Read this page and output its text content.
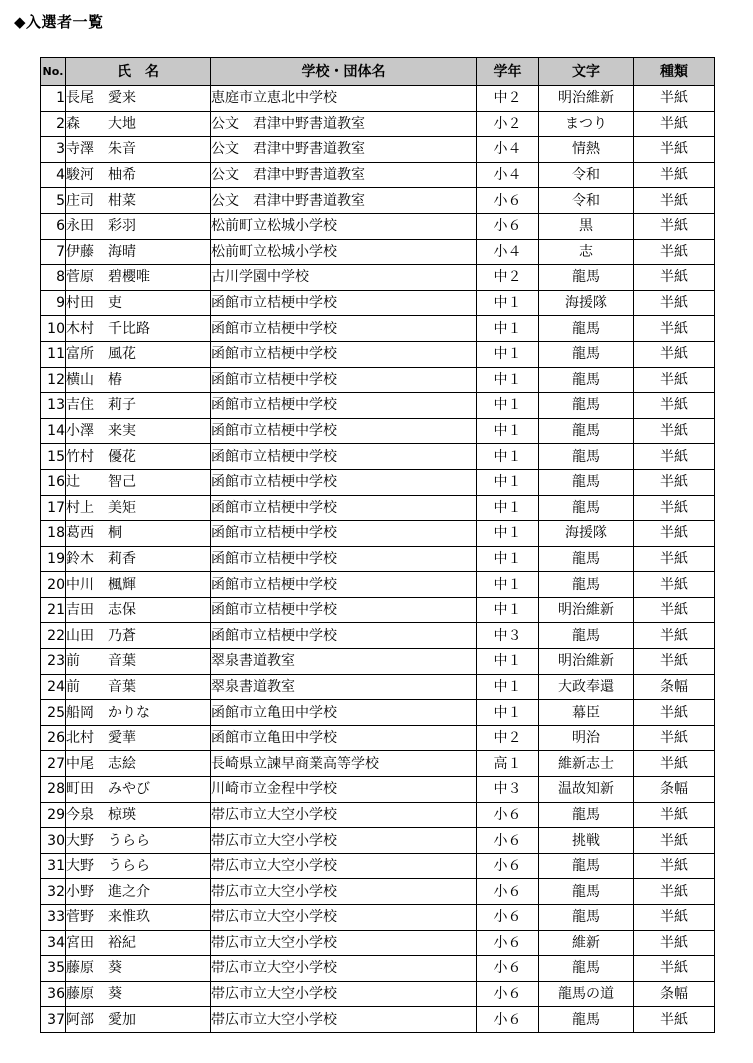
◆入選者一覧
No.	氏　名	学校・団体名	学年	文字	種類
1	長尾 愛来	恵庭市立恵北中学校	中２	明治維新	半紙
2	森 大地	公文　君津中野書道教室	小２	まつり	半紙
3	寺澤 朱音	公文　君津中野書道教室	小４	情熱	半紙
4	駿河 柚希	公文　君津中野書道教室	小４	令和	半紙
5	庄司 柑菜	公文　君津中野書道教室	小６	令和	半紙
6	永田 彩羽	松前町立松城小学校	小６	黒	半紙
7	伊藤 海晴	松前町立松城小学校	小４	志	半紙
8	菅原 碧櫻唯	古川学園中学校	中２	龍馬	半紙
9	村田 吏	函館市立桔梗中学校	中１	海援隊	半紙
10	木村 千比路	函館市立桔梗中学校	中１	龍馬	半紙
11	富所 風花	函館市立桔梗中学校	中１	龍馬	半紙
12	横山 椿	函館市立桔梗中学校	中１	龍馬	半紙
13	吉住 莉子	函館市立桔梗中学校	中１	龍馬	半紙
14	小澤 来実	函館市立桔梗中学校	中１	龍馬	半紙
15	竹村 優花	函館市立桔梗中学校	中１	龍馬	半紙
16	辻 智己	函館市立桔梗中学校	中１	龍馬	半紙
17	村上 美矩	函館市立桔梗中学校	中１	龍馬	半紙
18	葛西 桐	函館市立桔梗中学校	中１	海援隊	半紙
19	鈴木 莉香	函館市立桔梗中学校	中１	龍馬	半紙
20	中川 楓輝	函館市立桔梗中学校	中１	龍馬	半紙
21	吉田 志保	函館市立桔梗中学校	中１	明治維新	半紙
22	山田 乃蒼	函館市立桔梗中学校	中３	龍馬	半紙
23	前 音葉	翠泉書道教室	中１	明治維新	半紙
24	前 音葉	翠泉書道教室	中１	大政奉還	条幅
25	船岡 かりな	函館市立亀田中学校	中１	幕臣	半紙
26	北村 愛華	函館市立亀田中学校	中２	明治	半紙
27	中尾 志絵	長崎県立諫早商業高等学校	高１	維新志士	半紙
28	町田 みやび	川崎市立金程中学校	中３	温故知新	条幅
29	今泉 椋瑛	帯広市立大空小学校	小６	龍馬	半紙
30	大野 うらら	帯広市立大空小学校	小６	挑戦	半紙
31	大野 うらら	帯広市立大空小学校	小６	龍馬	半紙
32	小野 進之介	帯広市立大空小学校	小６	龍馬	半紙
33	菅野 来惟玖	帯広市立大空小学校	小６	龍馬	半紙
34	宮田 裕紀	帯広市立大空小学校	小６	維新	半紙
35	藤原 葵	帯広市立大空小学校	小６	龍馬	半紙
36	藤原 葵	帯広市立大空小学校	小６	龍馬の道	条幅
37	阿部 愛加	帯広市立大空小学校	小６	龍馬	半紙
